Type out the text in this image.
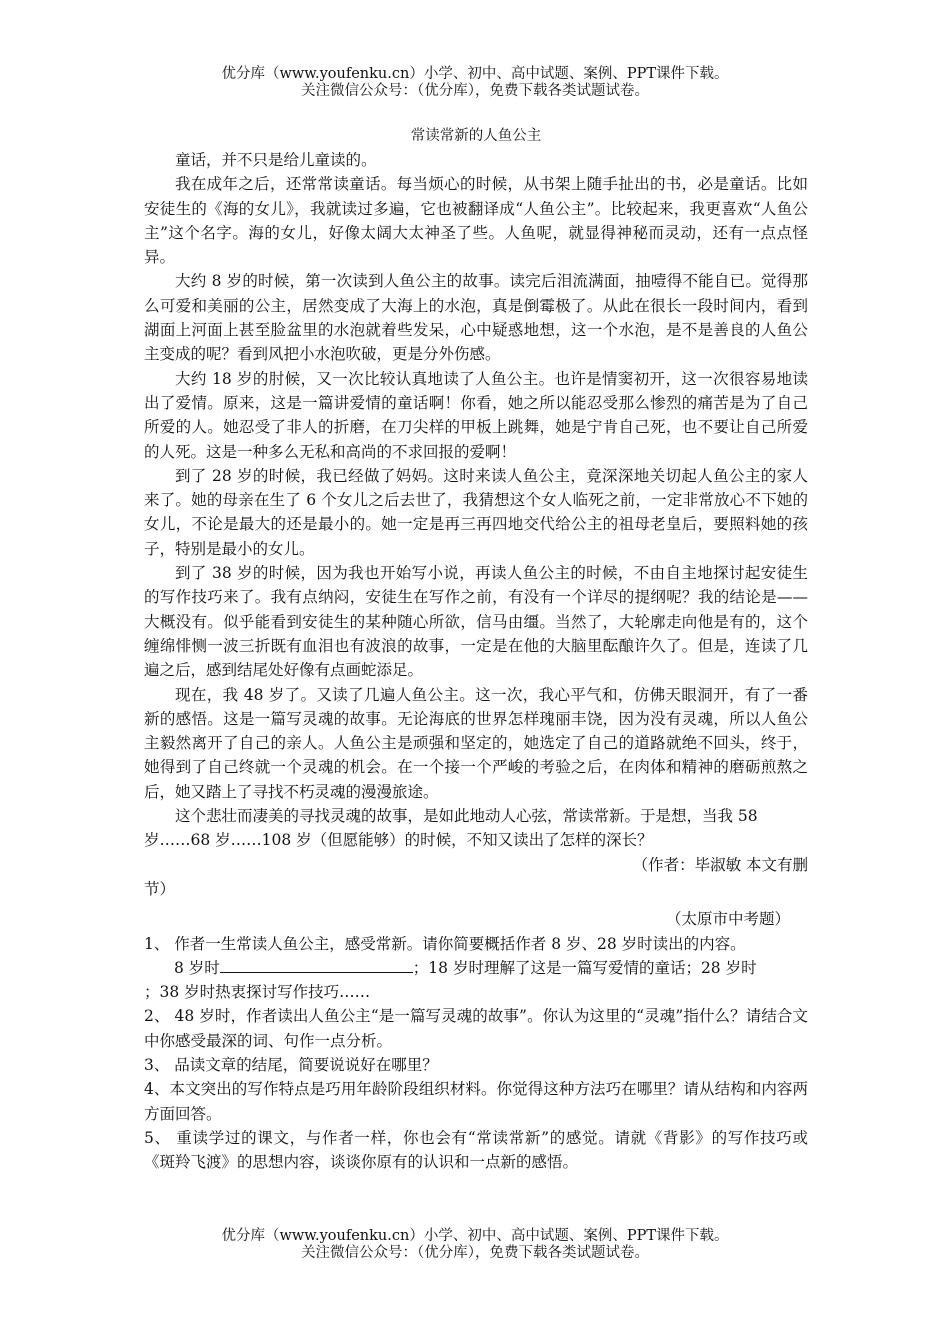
优分库（www.youfenku.cn）小学、初中、高中试题、案例、PPT课件下载。
关注微信公众号：（优分库），免费下载各类试题试卷。
常读常新的人鱼公主

童话，并不只是给儿童读的。

我在成年之后，还常常读童话。每当烦心的时候，从书架上随手扯出的书，必是童话。比如安徒生的《海的女儿》，我就读过多遍，它也被翻译成“人鱼公主”。比较起来，我更喜欢“人鱼公主”这个名字。海的女儿，好像太阔大太神圣了些。人鱼呢，就显得神秘而灵动，还有一点点怪异。

大约 8 岁的时候，第一次读到人鱼公主的故事。读完后泪流满面，抽噎得不能自已。觉得那么可爱和美丽的公主，居然变成了大海上的水泡，真是倒霉极了。从此在很长一段时间内，看到湖面上河面上甚至脸盆里的水泡就着些发呆，心中疑惑地想，这一个水泡，是不是善良的人鱼公主变成的呢？看到风把小水泡吹破，更是分外伤感。

大约 18 岁的肘候，又一次比较认真地读了人鱼公主。也许是情窦初开，这一次很容易地读出了爱情。原来，这是一篇讲爱情的童话啊！你看，她之所以能忍受那么惨烈的痛苦是为了自己所爱的人。她忍受了非人的折磨，在刀尖样的甲板上跳舞，她是宁肯自己死，也不要让自己所爱的人死。这是一种多么无私和高尚的不求回报的爱啊！

到了 28 岁的时候，我已经做了妈妈。这时来读人鱼公主，竟深深地关切起人鱼公主的家人来了。她的母亲在生了 6 个女儿之后去世了，我猜想这个女人临死之前，一定非常放心不下她的女儿，不论是最大的还是最小的。她一定是再三再四地交代给公主的祖母老皇后，要照料她的孩子，特别是最小的女儿。

到了 38 岁的时候，因为我也开始写小说，再读人鱼公主的时候，不由自主地探讨起安徒生的写作技巧来了。我有点纳闷，安徒生在写作之前，有没有一个详尽的提纲呢？我的结论是——大概没有。似乎能看到安徒生的某种随心所欲，信马由缰。当然了，大轮廓走向他是有的，这个缠绵悱恻一波三折既有血泪也有波浪的故事，一定是在他的大脑里酝酿许久了。但是，连读了几遍之后，感到结尾处好像有点画蛇添足。

现在，我 48 岁了。又读了几遍人鱼公主。这一次，我心平气和，仿佛天眼洞开，有了一番新的感悟。这是一篇写灵魂的故事。无论海底的世界怎样瑰丽丰饶，因为没有灵魂，所以人鱼公主毅然离开了自己的亲人。人鱼公主是顽强和坚定的，她选定了自己的道路就绝不回头，终于，她得到了自己终就一个灵魂的机会。在一个接一个严峻的考验之后，在肉体和精神的磨砺煎熬之后，她又踏上了寻找不朽灵魂的漫漫旅途。

这个悲壮而凄美的寻找灵魂的故事，是如此地动人心弦，常读常新。于是想，当我 58 岁……68 岁……108 岁（但愿能够）的时候，不知又读出了怎样的深长？

（作者：毕淑敏 本文有删

节）

（太原市中考题）

1、 作者一生常读人鱼公主，感受常新。请你简要概括作者 8 岁、28 岁时读出的内容。

8 岁时	；18 岁时理解了这是一篇写爱情的童话；28 岁时

；38 岁时热衷探讨写作技巧……

2、 48 岁时，作者读出人鱼公主“是一篇写灵魂的故事”。你认为这里的“灵魂”指什么？请结合文中你感受最深的词、句作一点分析。

3、 品读文章的结尾，简要说说好在哪里？

4、本文突出的写作特点是巧用年龄阶段组织材料。你觉得这种方法巧在哪里？请从结构和内容两方面回答。

5、 重读学过的课文，与作者一样，你也会有“常读常新”的感觉。请就《背影》的写作技巧或《斑羚飞渡》的思想内容，谈谈你原有的认识和一点新的感悟。

优分库（www.youfenku.cn）小学、初中、高中试题、案例、PPT课件下载。
关注微信公众号：（优分库），免费下载各类试题试卷。
